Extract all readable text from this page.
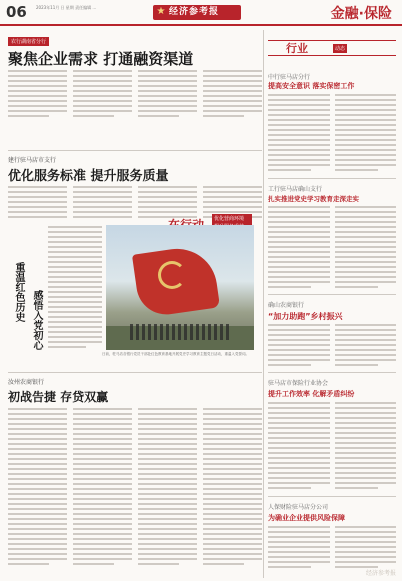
06 2023年11月 日 星期 责任编辑 …	★ 经济参考报	金融·保险
农行湖南省分行
聚焦企业需求 打通融资渠道
建行驻马店市支行
优化服务标准 提升服务质量
优化营商环境
重温红色历史 感悟入党初心
日前，驻马店各银行党员干部赴红色教育基地开展党史学习教育主题党日活动，重温入党誓词。
汝州农商银行
初战告捷 存贷双赢
行业	动态
中行驻马店分行
提高安全意识 落实保密工作
工行驻马店确山支行
扎实推进党史学习教育走深走实
确山农商银行
“加力助跑”乡村振兴
驻马店市保险行业协会
提升工作效率 化解矛盾纠纷
人保财险驻马店分公司
为确业企业提供风险保障
经济参考报
